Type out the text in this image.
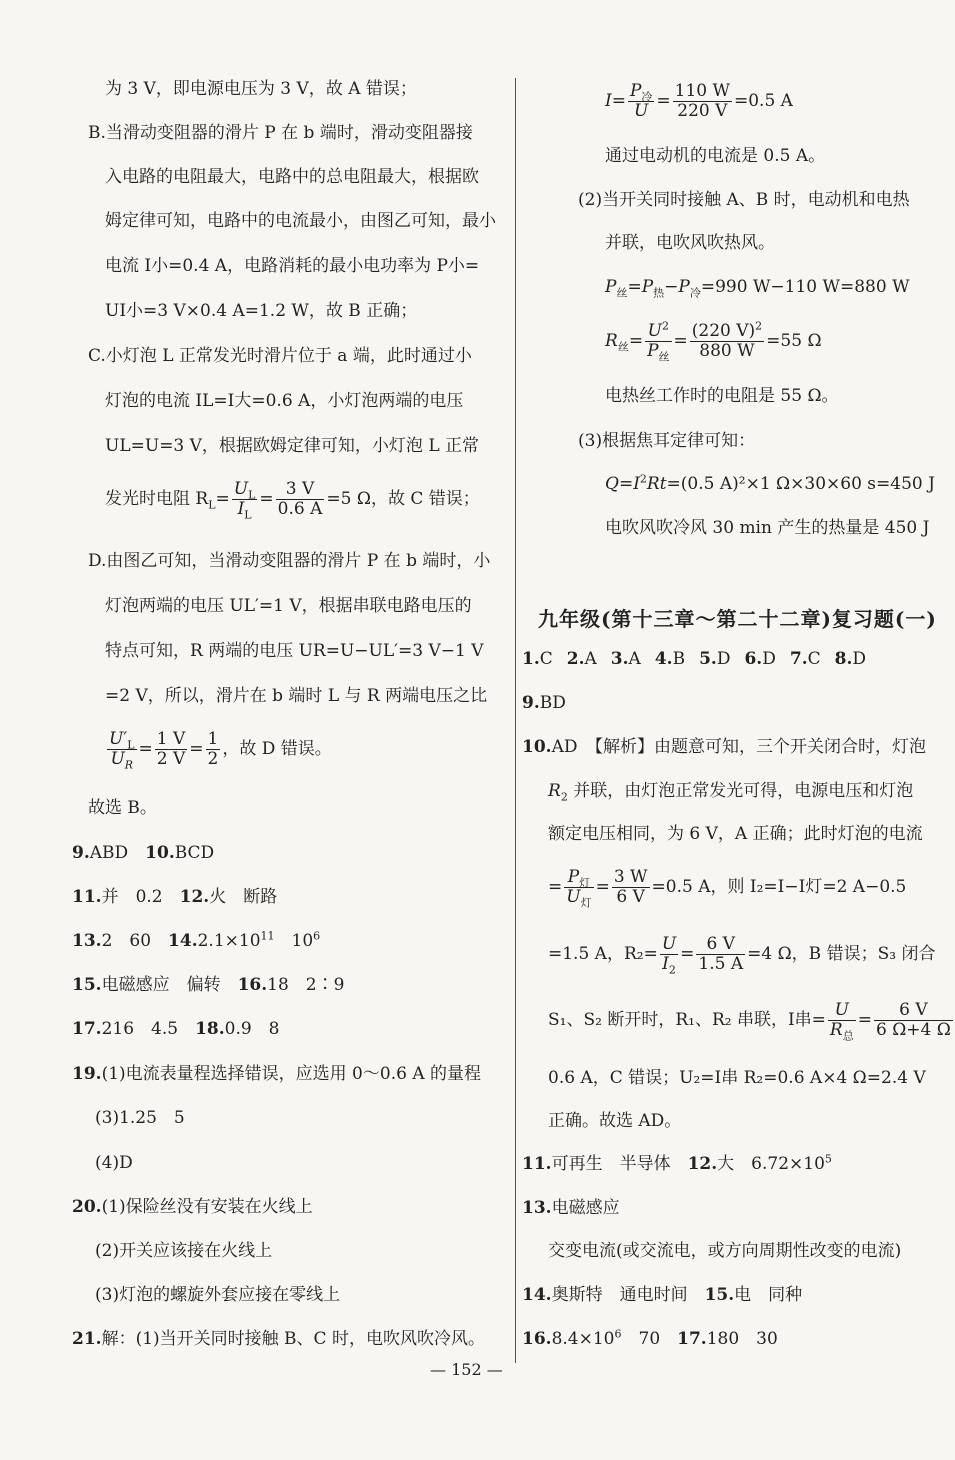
为 3 V，即电源电压为 3 V，故 A 错误；
B.当滑动变阻器的滑片 P 在 b 端时，滑动变阻器接
入电路的电阻最大，电路中的总电阻最大，根据欧
姆定律可知，电路中的电流最小，由图乙可知，最小
电流 I小=0.4 A，电路消耗的最小电功率为 P小=
UI小=3 V×0.4 A=1.2 W，故 B 正确；
C.小灯泡 L 正常发光时滑片位于 a 端，此时通过小
灯泡的电流 IL=I大=0.6 A，小灯泡两端的电压
UL=U=3 V，根据欧姆定律可知，小灯泡 L 正常
发光时电阻 $R_L= \frac{U_L}{I_L} = \frac{3 V}{0.6 A} =5$ Ω，故 C 错误；
D.由图乙可知，当滑动变阻器的滑片 P 在 b 端时，小
灯泡两端的电压 UL′=1 V，根据串联电路电压的
特点可知，R 两端的电压 UR=U−UL′=3 V−1 V
=2 V，所以，滑片在 b 端时 L 与 R 两端电压之比
$\frac{U'_L}{U_R} = \frac{1 V}{2 V} = \frac{1}{2}$ ，故 D 错误。
故选 B。
9.ABD　 10.BCD
11.并　0.2　 12.火　断路
13.2　60　 $14.2.1\times 10^{11}$　 $10^6$
15.电磁感应　偏转　 16.18　2∶9
17.216　4.5　 18.0.9　8
19.(1)电流表量程选择错误，应选用 0～0.6 A 的量程
(3)1.25　5
(4)D
20.(1)保险丝没有安装在火线上
(2)开关应该接在火线上
(3)灯泡的螺旋外套应接在零线上
21.解：(1)当开关同时接触 B、C 时，电吹风吹冷风。
$I= \frac{P_冷}{U} = \frac{110 W}{220 V} =0.5$ A
通过电动机的电流是 0.5 A。
(2)当开关同时接触 A、B 时，电动机和电热
并联，电吹风吹热风。
$P_丝=P_热-P_冷=990$ W−110 W=880 W
$R_丝= \frac{U^2}{P_丝} = \frac{(220 V)^2}{880 W} =55$ Ω
电热丝工作时的电阻是 55 Ω。
(3)根据焦耳定律可知：
$Q=I^2Rt=(0.5$ A)²×1 Ω×30×60 s=450 J
电吹风吹冷风 30 min 产生的热量是 450 J
九年级(第十三章～第二十二章)复习题(一)
1.C 2.A 3.A 4.B 5.D 6.D 7.C 8.D
9.BD
10.AD　【解析】由题意可知，三个开关闭合时，灯泡
$R_2$ 并联，由灯泡正常发光可得，电源电压和灯泡
额定电压相同，为 6 V，A 正确；此时灯泡的电流
= $\frac{P_灯}{U_灯} = \frac{3 W}{6 V} =0.5$ A，则 I₂=I−I灯=2 A−0.5
=1.5 A，$R_2= \frac{U}{I_2} = \frac{6 V}{1.5 A} =4$ Ω，B 错误；S₃ 闭合
S₁、S₂ 断开时，R₁、R₂ 串联，I串= $\frac{U}{R_总} = \frac{6 V}{6 \Omega+4 \Omega}$
0.6 A，C 错误；U₂=I串 R₂=0.6 A×4 Ω=2.4 V
正确。故选 AD。
11.可再生　半导体　 12.大　$6.72\times 10^5$
13.电磁感应
交变电流(或交流电，或方向周期性改变的电流)
14.奥斯特　通电时间　 15.电　同种
$16.8.4\times 10^6$　 70　 17.180　30
— 152 —
